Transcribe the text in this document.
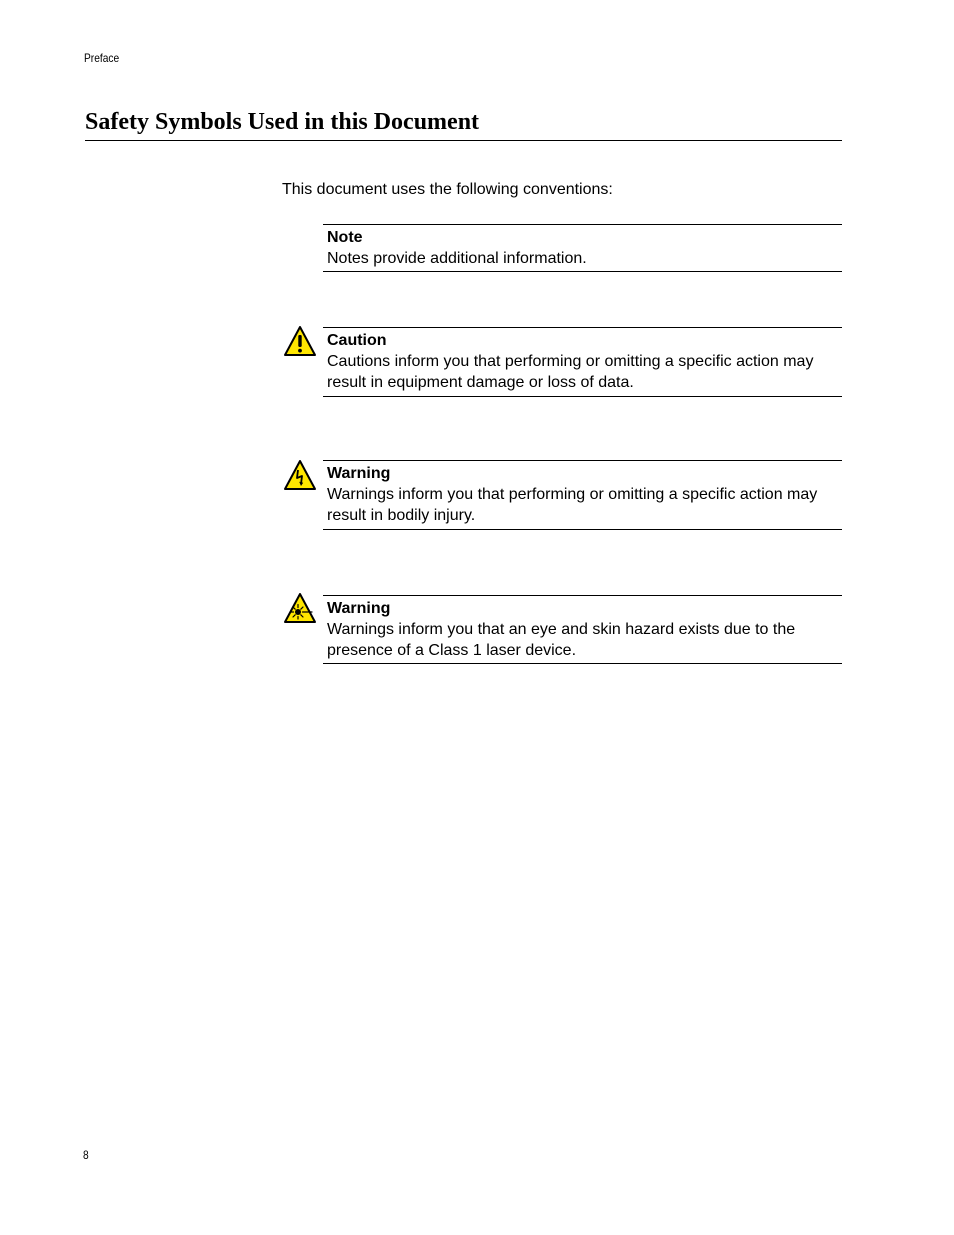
Preface
Safety Symbols Used in this Document

This document uses the following conventions:

Note
Notes provide additional information.
Caution
Cautions inform you that performing or omitting a specific action may result in equipment damage or loss of data.
Warning
Warnings inform you that performing or omitting a specific action may result in bodily injury.
Warning
Warnings inform you that an eye and skin hazard exists due to the presence of a Class 1 laser device.
8
